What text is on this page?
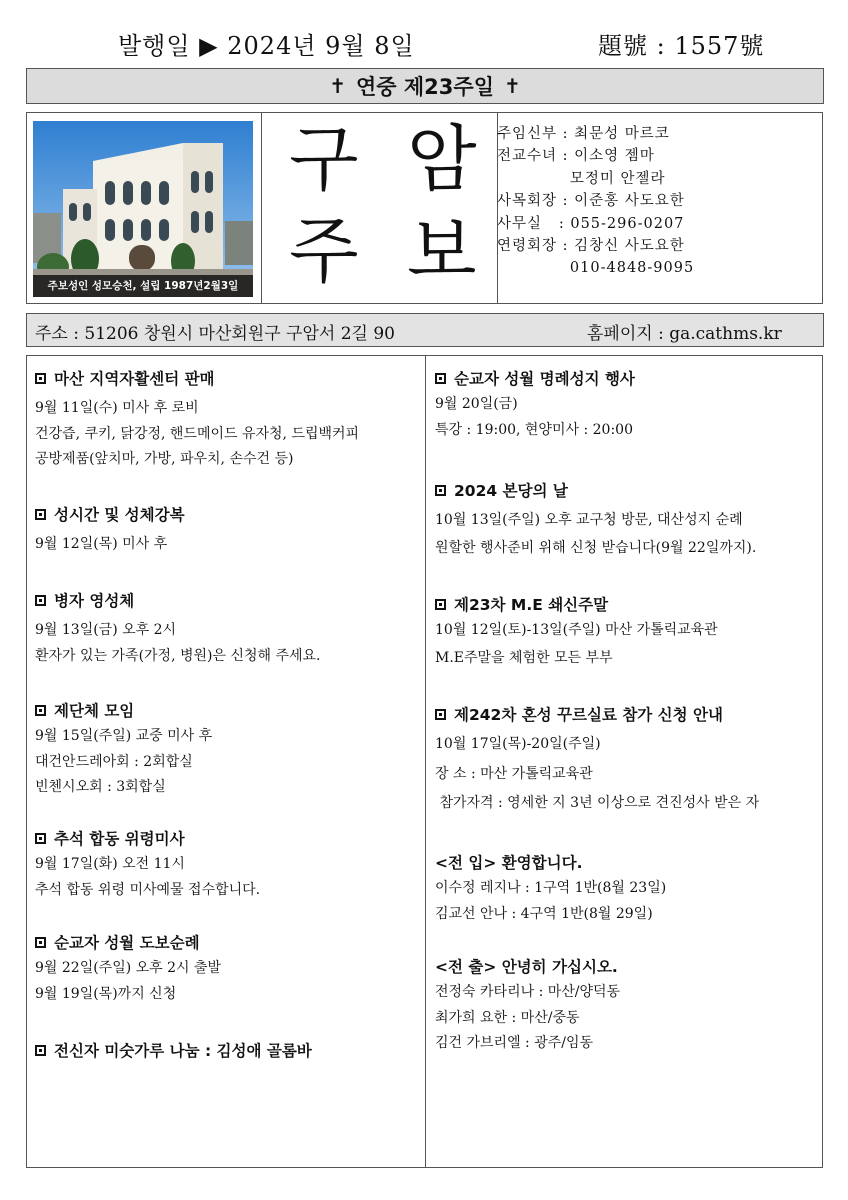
발행일 ▶ 2024년 9월 8일	題號 : 1557號
✝ 연중 제23주일 ✝
주보성인 성모승천, 설립 1987년2월3일
구 암
주 보
주임신부 : 최문성 마르코
전교수녀 : 이소영 젬마
모정미 안젤라
사목회장 : 이준홍 사도요한
사무실   : 055-296-0207
연령회장 : 김창신 사도요한
010-4848-9095
주소 : 51206 창원시 마산회원구 구암서 2길 90	홈페이지 : ga.cathms.kr
마산 지역자활센터 판매
9월 11일(수) 미사 후 로비
건강즙, 쿠키, 닭강정, 핸드메이드 유자청, 드립백커피
공방제품(앞치마, 가방, 파우치, 손수건 등)
성시간 및 성체강복
9월 12일(목) 미사 후
병자 영성체
9월 13일(금) 오후 2시
환자가 있는 가족(가정, 병원)은 신청해 주세요.
제단체 모임
9월 15일(주일) 교중 미사 후
대건안드레아회 : 2회합실
빈첸시오회 : 3회합실
추석 합동 위령미사
9월 17일(화) 오전 11시
추석 합동 위령 미사예물 접수합니다.
순교자 성월 도보순례
9월 22일(주일) 오후 2시 출발
9월 19일(목)까지 신청
전신자 미숫가루 나눔 : 김성애 골롬바
순교자 성월 명례성지 행사
9월 20일(금)
특강 : 19:00, 현양미사 : 20:00
2024 본당의 날
10월 13일(주일) 오후 교구청 방문, 대산성지 순례
원할한 행사준비 위해 신청 받습니다(9월 22일까지).
제23차 M.E 쇄신주말
10월 12일(토)-13일(주일) 마산 가톨릭교육관
M.E주말을 체험한 모든 부부
제242차 혼성 꾸르실료 참가 신청 안내
10월 17일(목)-20일(주일)
장 소 : 마산 가톨릭교육관
참가자격 : 영세한 지 3년 이상으로 견진성사 받은 자
<전 입> 환영합니다.
이수정 레지나 : 1구역 1반(8월 23일)
김교선 안나 : 4구역 1반(8월 29일)
<전 출> 안녕히 가십시오.
전정숙 카타리나 : 마산/양덕동
최가희 요한 : 마산/중동
김건 가브리엘 : 광주/임동
